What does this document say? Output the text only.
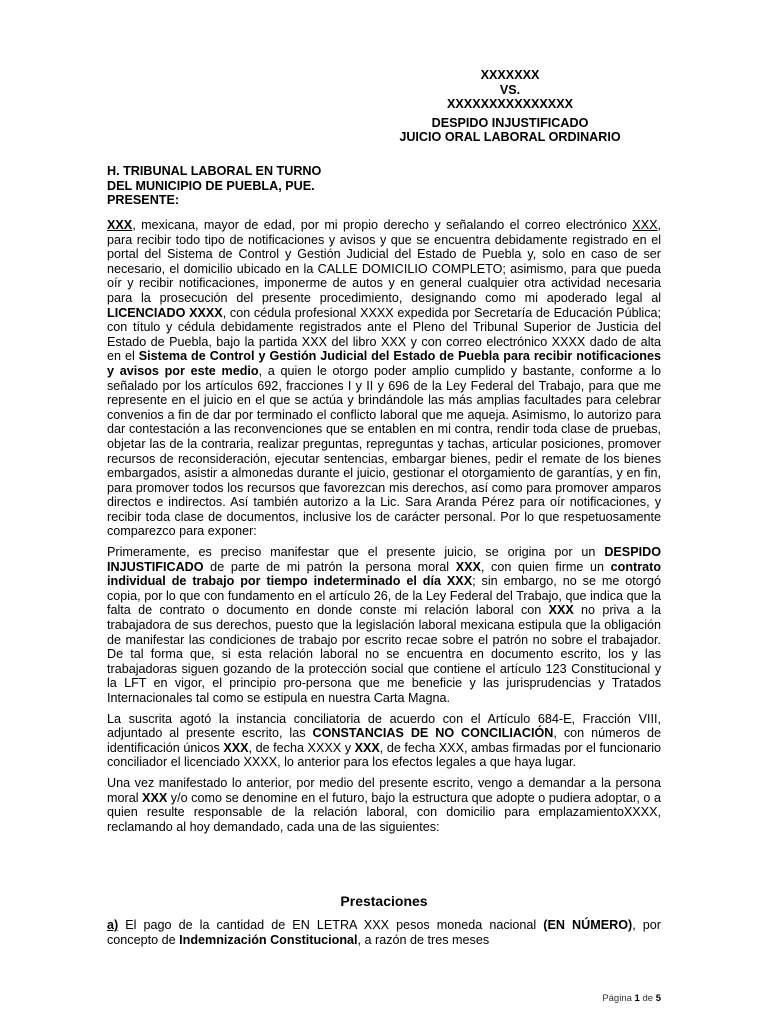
XXXXXXX
VS.
XXXXXXXXXXXXXXX
DESPIDO INJUSTIFICADO
JUICIO ORAL LABORAL ORDINARIO
H. TRIBUNAL LABORAL EN TURNO
DEL MUNICIPIO DE PUEBLA, PUE.
PRESENTE:

XXX, mexicana, mayor de edad, por mi propio derecho y señalando el correo electrónico XXX, para recibir todo tipo de notificaciones y avisos y que se encuentra debidamente registrado en el portal del Sistema de Control y Gestión Judicial del Estado de Puebla y, solo en caso de ser necesario, el domicilio ubicado en la CALLE DOMICILIO COMPLETO; asimismo, para que pueda oír y recibir notificaciones, imponerme de autos y en general cualquier otra actividad necesaria para la prosecución del presente procedimiento, designando como mi apoderado legal al LICENCIADO XXXX, con cédula profesional XXXX expedida por Secretaría de Educación Pública; con título y cédula debidamente registrados ante el Pleno del Tribunal Superior de Justicia del Estado de Puebla, bajo la partida XXX del libro XXX y con correo electrónico XXXX dado de alta en el Sistema de Control y Gestión Judicial del Estado de Puebla para recibir notificaciones y avisos por este medio, a quien le otorgo poder amplio cumplido y bastante, conforme a lo señalado por los artículos 692, fracciones I y II y 696 de la Ley Federal del Trabajo, para que me represente en el juicio en el que se actúa y brindándole las más amplias facultades para celebrar convenios a fin de dar por terminado el conflicto laboral que me aqueja. Asimismo, lo autorizo para dar contestación a las reconvenciones que se entablen en mi contra, rendir toda clase de pruebas, objetar las de la contraria, realizar preguntas, repreguntas y tachas, articular posiciones, promover recursos de reconsideración, ejecutar sentencias, embargar bienes, pedir el remate de los bienes embargados, asistir a almonedas durante el juicio, gestionar el otorgamiento de garantías, y en fin, para promover todos los recursos que favorezcan mis derechos, así como para promover amparos directos e indirectos. Así también autorizo a la Lic. Sara Aranda Pérez para oír notificaciones, y recibir toda clase de documentos, inclusive los de carácter personal. Por lo que respetuosamente comparezco para exponer:

Primeramente, es preciso manifestar que el presente juicio, se origina por un DESPIDO INJUSTIFICADO de parte de mi patrón la persona moral XXX, con quien firme un contrato individual de trabajo por tiempo indeterminado el día XXX; sin embargo, no se me otorgó copia, por lo que con fundamento en el artículo 26, de la Ley Federal del Trabajo, que indica que la falta de contrato o documento en donde conste mi relación laboral con XXX no priva a la trabajadora de sus derechos, puesto que la legislación laboral mexicana estipula que la obligación de manifestar las condiciones de trabajo por escrito recae sobre el patrón no sobre el trabajador. De tal forma que, si esta relación laboral no se encuentra en documento escrito, los y las trabajadoras siguen gozando de la protección social que contiene el artículo 123 Constitucional y la LFT en vigor, el principio pro-persona que me beneficie y las jurisprudencias y Tratados Internacionales tal como se estipula en nuestra Carta Magna.

La suscrita agotó la instancia conciliatoria de acuerdo con el Artículo 684-E, Fracción VIII, adjuntado al presente escrito, las CONSTANCIAS DE NO CONCILIACIÓN, con números de identificación únicos XXX, de fecha XXXX y XXX, de fecha XXX, ambas firmadas por el funcionario conciliador el licenciado XXXX, lo anterior para los efectos legales a que haya lugar.

Una vez manifestado lo anterior, por medio del presente escrito, vengo a demandar a la persona moral XXX y/o como se denomine en el futuro, bajo la estructura que adopte o pudiera adoptar, o a quien resulte responsable de la relación laboral, con domicilio para emplazamientoXXXX, reclamando al hoy demandado, cada una de las siguientes:

Prestaciones
a) El pago de la cantidad de EN LETRA XXX pesos moneda nacional (EN NÚMERO), por concepto de Indemnización Constitucional, a razón de tres meses
Página 1 de 5
